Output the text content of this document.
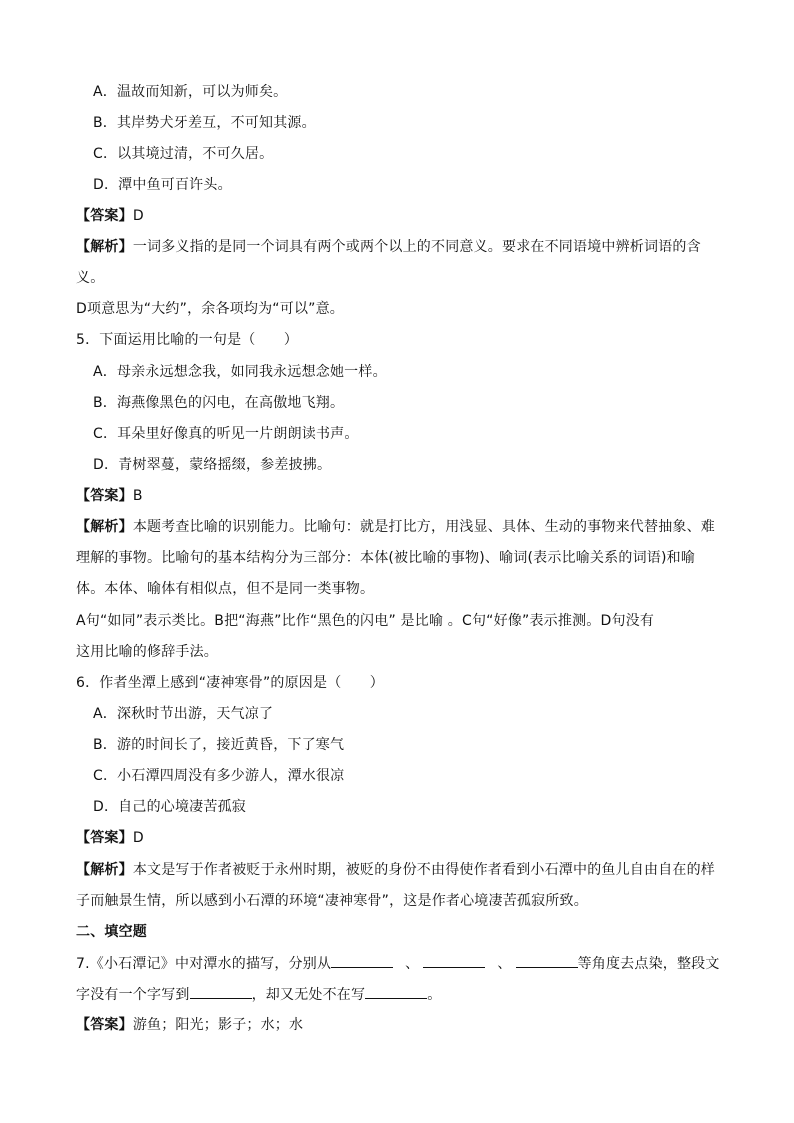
A．温故而知新，可以为师矣。
B．其岸势犬牙差互，不可知其源。
C．以其境过清，不可久居。
D．潭中鱼可百许头。
【答案】D
【解析】一词多义指的是同一个词具有两个或两个以上的不同意义。要求在不同语境中辨析词语的含
义。
D项意思为“大约”，余各项均为“可以”意。
5．下面运用比喻的一句是（　　）
A．母亲永远想念我，如同我永远想念她一样。
B．海燕像黑色的闪电，在高傲地飞翔。
C．耳朵里好像真的听见一片朗朗读书声。
D．青树翠蔓，蒙络摇缀，参差披拂。
【答案】B
【解析】本题考查比喻的识别能力。比喻句：就是打比方，用浅显、具体、生动的事物来代替抽象、难
理解的事物。比喻句的基本结构分为三部分：本体(被比喻的事物)、喻词(表示比喻关系的词语)和喻
体。本体、喻体有相似点，但不是同一类事物。
A句“如同”表示类比。B把“海燕”比作“黑色的闪电” 是比喻 。C句“好像”表示推测。D句没有
这用比喻的修辞手法。
6．作者坐潭上感到“凄神寒骨”的原因是（　　）
A．深秋时节出游，天气凉了
B．游的时间长了，接近黄昏，下了寒气
C．小石潭四周没有多少游人，潭水很凉
D．自己的心境凄苦孤寂
【答案】D
【解析】本文是写于作者被贬于永州时期，被贬的身份不由得使作者看到小石潭中的鱼儿自由自在的样
子而触景生情，所以感到小石潭的环境“凄神寒骨”，这是作者心境凄苦孤寂所致。
二、填空题
7.《小石潭记》中对潭水的描写，分别从	、	、	等角度去点染，整段文
字没有一个字写到	，却又无处不在写	。
【答案】游鱼；阳光；影子；水；水
